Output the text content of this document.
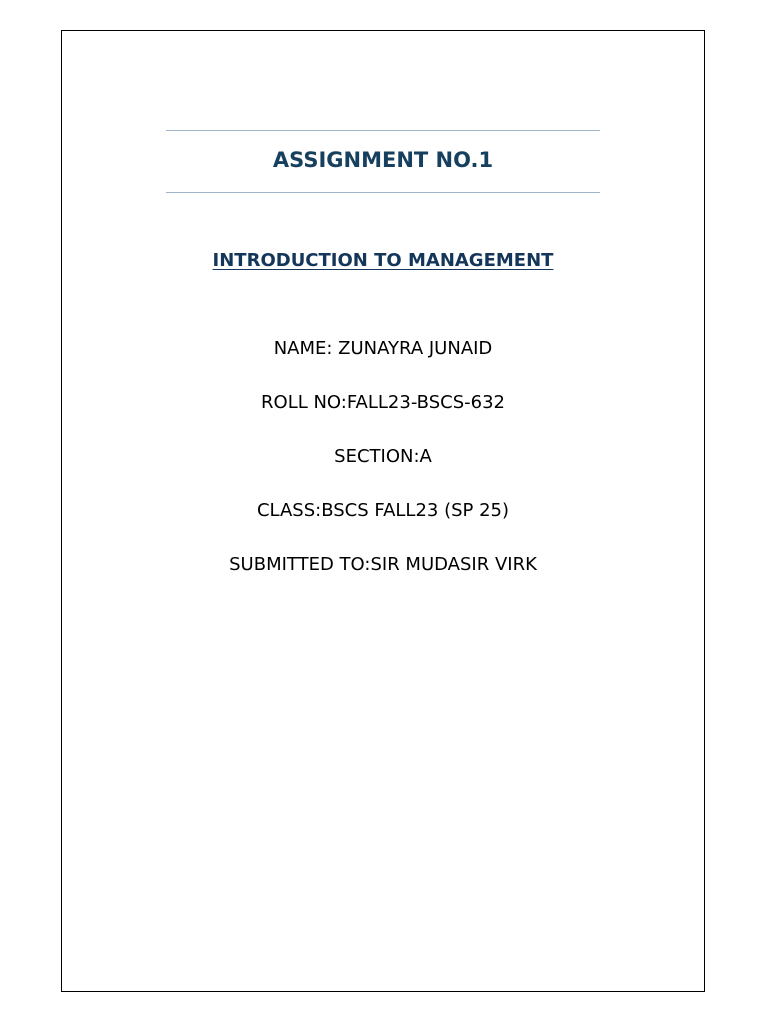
ASSIGNMENT NO.1
INTRODUCTION TO MANAGEMENT
NAME: ZUNAYRA JUNAID
ROLL NO:FALL23-BSCS-632
SECTION:A
CLASS:BSCS FALL23 (SP 25)
SUBMITTED TO:SIR MUDASIR VIRK
